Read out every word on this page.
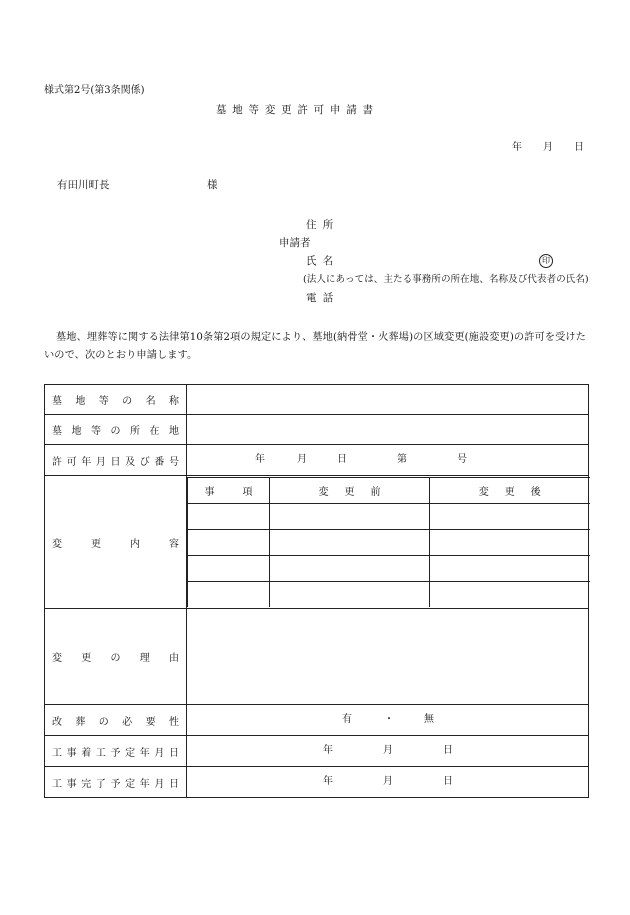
様式第2号(第3条関係)
墓地等変更許可申請書
年 月 日
有田川町長	様
住所
申請者
氏名	印
(法人にあっては、主たる事務所の所在地、名称及び代表者の氏名)
電話
墓地、埋葬等に関する法律第10条第2項の規定により、墓地(納骨堂・火葬場)の区域変更(施設変更)の許可を受けたいので、次のとおり申請します。
墓 地 等 の 名 称

墓 地 等 の 所 在 地

許 可 年 月 日 及 び 番 号	年	月	日	第	号

変	更	内	容

事	項	変 更 前	変 更 後

変 更 の 理 由

改 葬 の 必 要 性	有	・	無

工 事 着 工 予 定 年 月 日	年	月	日

工 事 完 了 予 定 年 月 日	年	月	日
